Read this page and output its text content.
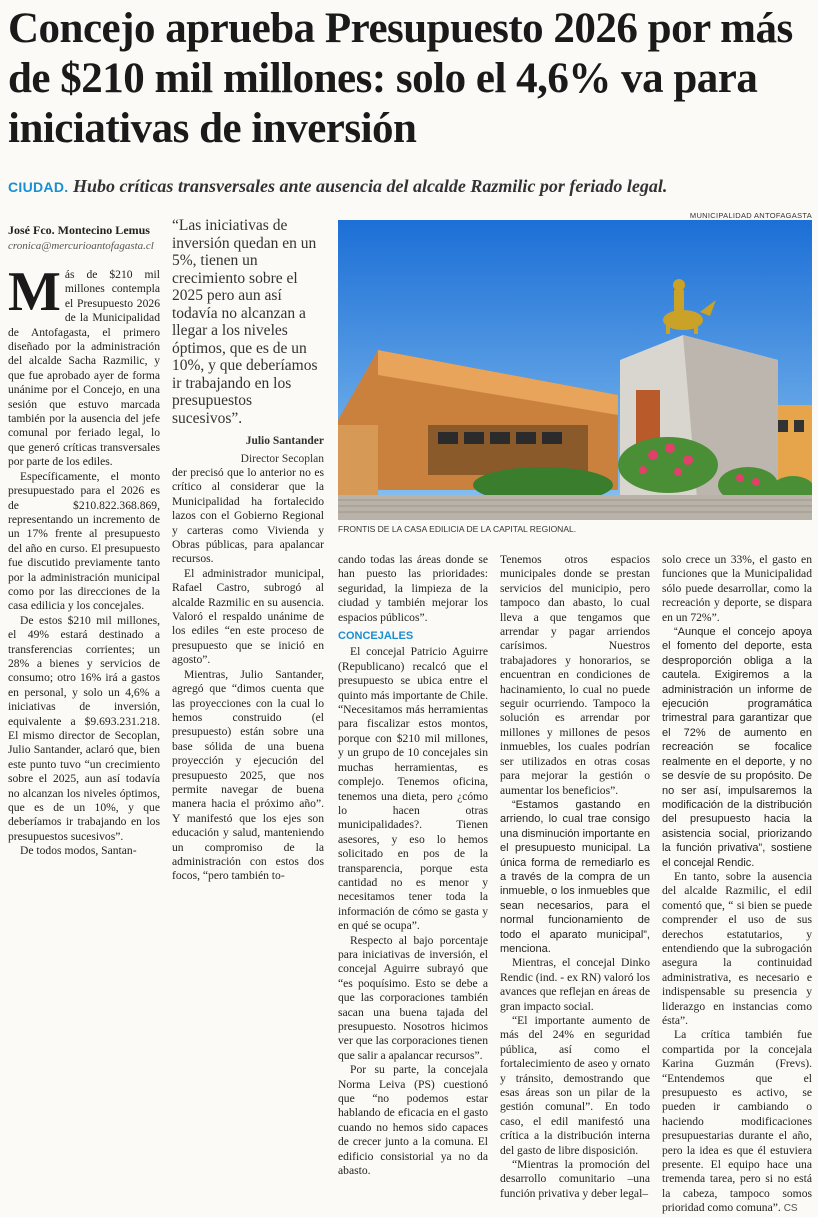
Concejo aprueba Presupuesto 2026 por más de $210 mil millones: solo el 4,6% va para iniciativas de inversión
CIUDAD. Hubo críticas transversales ante ausencia del alcalde Razmilic por feriado legal.
José Fco. Montecino Lemus
cronica@mercurioantofagasta.cl
“Las iniciativas de inversión quedan en un 5%, tienen un crecimiento sobre el 2025 pero aun así todavía no alcanzan a llegar a los niveles óptimos, que es de un 10%, y que deberíamos ir trabajando en los presupuestos sucesivos”.
Julio Santander
Director Secoplan
MUNICIPALIDAD ANTOFAGASTA
FRONTIS DE LA CASA EDILICIA DE LA CAPITAL REGIONAL.
M ás de $210 mil millones contempla el Presupuesto 2026 de la Municipalidad de Antofagasta, el primero diseñado por la administración del alcalde Sacha Razmilic, y que fue aprobado ayer de forma unánime por el Concejo, en una sesión que estuvo marcada también por la ausencia del jefe comunal por feriado legal, lo que generó críticas transversales por parte de los ediles.

Específicamente, el monto presupuestado para el 2026 es de $210.822.368.869, representando un incremento de un 17% frente al presupuesto del año en curso. El presupuesto fue discutido previamente tanto por la administración municipal como por las direcciones de la casa edilicia y los concejales.

De estos $210 mil millones, el 49% estará destinado a transferencias corrientes; un 28% a bienes y servicios de consumo; otro 16% irá a gastos en personal, y solo un 4,6% a iniciativas de inversión, equivalente a $9.693.231.218. El mismo director de Secoplan, Julio Santander, aclaró que, bien este punto tuvo “un crecimiento sobre el 2025, aun así todavía no alcanzan los niveles óptimos, que es de un 10%, y que deberíamos ir trabajando en los presupuestos sucesivos”.

De todos modos, Santan-

der precisó que lo anterior no es crítico al considerar que la Municipalidad ha fortalecido lazos con el Gobierno Regional y carteras como Vivienda y Obras públicas, para apalancar recursos.

El administrador municipal, Rafael Castro, subrogó al alcalde Razmilic en su ausencia. Valoró el respaldo unánime de los ediles “en este proceso de presupuesto que se inició en agosto”.

Mientras, Julio Santander, agregó que “dimos cuenta que las proyecciones con la cual lo hemos construido (el presupuesto) están sobre una base sólida de una buena proyección y ejecución del presupuesto 2025, que nos permite navegar de buena manera hacia el próximo año”. Y manifestó que los ejes son educación y salud, manteniendo un compromiso de la administración con estos dos focos, “pero también to-

cando todas las áreas donde se han puesto las prioridades: seguridad, la limpieza de la ciudad y también mejorar los espacios públicos”.

CONCEJALES

El concejal Patricio Aguirre (Republicano) recalcó que el presupuesto se ubica entre el quinto más importante de Chile. “Necesitamos más herramientas para fiscalizar estos montos, porque con $210 mil millones, y un grupo de 10 concejales sin muchas herramientas, es complejo. Tenemos oficina, tenemos una dieta, pero ¿cómo lo hacen otras municipalidades?. Tienen asesores, y eso lo hemos solicitado en pos de la transparencia, porque esta cantidad no es menor y necesitamos tener toda la información de cómo se gasta y en qué se ocupa”.

Respecto al bajo porcentaje para iniciativas de inversión, el concejal Aguirre subrayó que “es poquísimo. Esto se debe a que las corporaciones también sacan una buena tajada del presupuesto. Nosotros hicimos ver que las corporaciones tienen que salir a apalancar recursos”.

Por su parte, la concejala Norma Leiva (PS) cuestionó que “no podemos estar hablando de eficacia en el gasto cuando no hemos sido capaces de crecer junto a la comuna. El edificio consistorial ya no da abasto.

Tenemos otros espacios municipales donde se prestan servicios del municipio, pero tampoco dan abasto, lo cual lleva a que tengamos que arrendar y pagar arriendos carísimos. Nuestros trabajadores y honorarios, se encuentran en condiciones de hacinamiento, lo cual no puede seguir ocurriendo. Tampoco la solución es arrendar por millones y millones de pesos inmuebles, los cuales podrían ser utilizados en otras cosas para mejorar la gestión o aumentar los beneficios”.

“Estamos gastando en arriendo, lo cual trae consigo una disminución importante en el presupuesto municipal. La única forma de remediarlo es a través de la compra de un inmueble, o los inmuebles que sean necesarios, para el normal funcionamiento de todo el aparato municipal”, menciona.

Mientras, el concejal Dinko Rendic (ind. - ex RN) valoró los avances que reflejan en áreas de gran impacto social.

“El importante aumento de más del 24% en seguridad pública, así como el fortalecimiento de aseo y ornato y tránsito, demostrando que esas áreas son un pilar de la gestión comunal”. En todo caso, el edil manifestó una crítica a la distribución interna del gasto de libre disposición.

“Mientras la promoción del desarrollo comunitario –una función privativa y deber legal–

solo crece un 33%, el gasto en funciones que la Municipalidad sólo puede desarrollar, como la recreación y deporte, se dispara en un 72%”.

“Aunque el concejo apoya el fomento del deporte, esta desproporción obliga a la cautela. Exigiremos a la administración un informe de ejecución programática trimestral para garantizar que el 72% de aumento en recreación se focalice realmente en el deporte, y no se desvíe de su propósito. De no ser así, impulsaremos la modificación de la distribución del presupuesto hacia la asistencia social, priorizando la función privativa”, sostiene el concejal Rendic.

En tanto, sobre la ausencia del alcalde Razmilic, el edil comentó que, “ si bien se puede comprender el uso de sus derechos estatutarios, y entendiendo que la subrogación asegura la continuidad administrativa, es necesario e indispensable su presencia y liderazgo en instancias como ésta”.

La crítica también fue compartida por la concejala Karina Guzmán (Frevs). “Entendemos que el presupuesto es activo, se pueden ir cambiando o haciendo modificaciones presupuestarias durante el año, pero la idea es que él estuviera presente. El equipo hace una tremenda tarea, pero si no está la cabeza, tampoco somos prioridad como comuna”. CS
